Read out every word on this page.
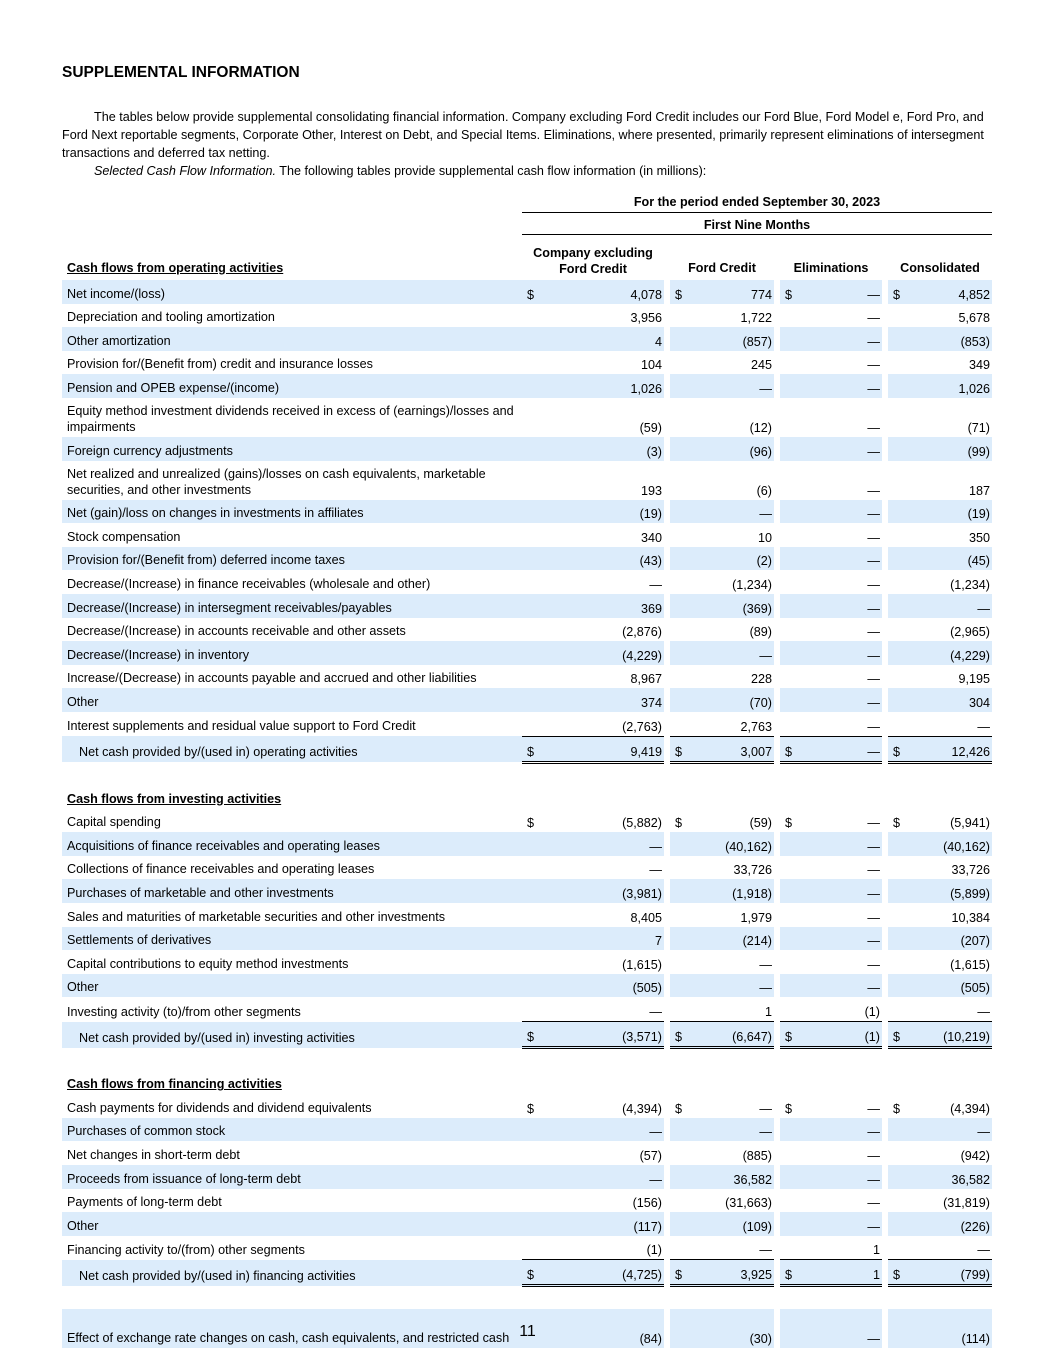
SUPPLEMENTAL INFORMATION

The tables below provide supplemental consolidating financial information. Company excluding Ford Credit includes our Ford Blue, Ford Model e, Ford Pro, and Ford Next reportable segments, Corporate Other, Interest on Debt, and Special Items. Eliminations, where presented, primarily represent eliminations of intersegment transactions and deferred tax netting.

Selected Cash Flow Information. The following tables provide supplemental cash flow information (in millions):

For the period ended September 30, 2023
First Nine Months
Company excluding
Ford Credit	Ford Credit	Eliminations	Consolidated
Net income/(loss)	$	4,078		$	774		$	—		$	4,852
Depreciation and tooling amortization		3,956			1,722			—			5,678
Other amortization		4			(857)			—			(853)
Provision for/(Benefit from) credit and insurance losses		104			245			—			349
Pension and OPEB expense/(income)		1,026			—			—			1,026
Equity method investment dividends received in excess of (earnings)/losses and impairments		(59)			(12)			—			(71)
Foreign currency adjustments		(3)			(96)			—			(99)
Net realized and unrealized (gains)/losses on cash equivalents, marketable securities, and other investments		193			(6)			—			187
Net (gain)/loss on changes in investments in affiliates		(19)			—			—			(19)
Stock compensation		340			10			—			350
Provision for/(Benefit from) deferred income taxes		(43)			(2)			—			(45)
Decrease/(Increase) in finance receivables (wholesale and other)		—			(1,234)			—			(1,234)
Decrease/(Increase) in intersegment receivables/payables		369			(369)			—			—
Decrease/(Increase) in accounts receivable and other assets		(2,876)			(89)			—			(2,965)
Decrease/(Increase) in inventory		(4,229)			—			—			(4,229)
Increase/(Decrease) in accounts payable and accrued and other liabilities		8,967			228			—			9,195
Other		374			(70)			—			304
Interest supplements and residual value support to Ford Credit		(2,763)			2,763			—			—
Net cash provided by/(used in) operating activities	$	9,419		$	3,007		$	—		$	12,426

Cash flows from investing activities											
Capital spending	$	(5,882)		$	(59)		$	—		$	(5,941)
Acquisitions of finance receivables and operating leases		—			(40,162)			—			(40,162)
Collections of finance receivables and operating leases		—			33,726			—			33,726
Purchases of marketable and other investments		(3,981)			(1,918)			—			(5,899)
Sales and maturities of marketable securities and other investments		8,405			1,979			—			10,384
Settlements of derivatives		7			(214)			—			(207)
Capital contributions to equity method investments		(1,615)			—			—			(1,615)
Other		(505)			—			—			(505)
Investing activity (to)/from other segments		—			1			(1)			—
Net cash provided by/(used in) investing activities	$	(3,571)		$	(6,647)		$	(1)		$	(10,219)

Cash flows from financing activities											
Cash payments for dividends and dividend equivalents	$	(4,394)		$	—		$	—		$	(4,394)
Purchases of common stock		—			—			—			—
Net changes in short-term debt		(57)			(885)			—			(942)
Proceeds from issuance of long-term debt		—			36,582			—			36,582
Payments of long-term debt		(156)			(31,663)			—			(31,819)
Other		(117)			(109)			—			(226)
Financing activity to/(from) other segments		(1)			—			1			—
Net cash provided by/(used in) financing activities	$	(4,725)		$	3,925		$	1		$	(799)

Effect of exchange rate changes on cash, cash equivalents, and restricted cash		(84)			(30)			—			(114)
11
Cash flows from operating activities
